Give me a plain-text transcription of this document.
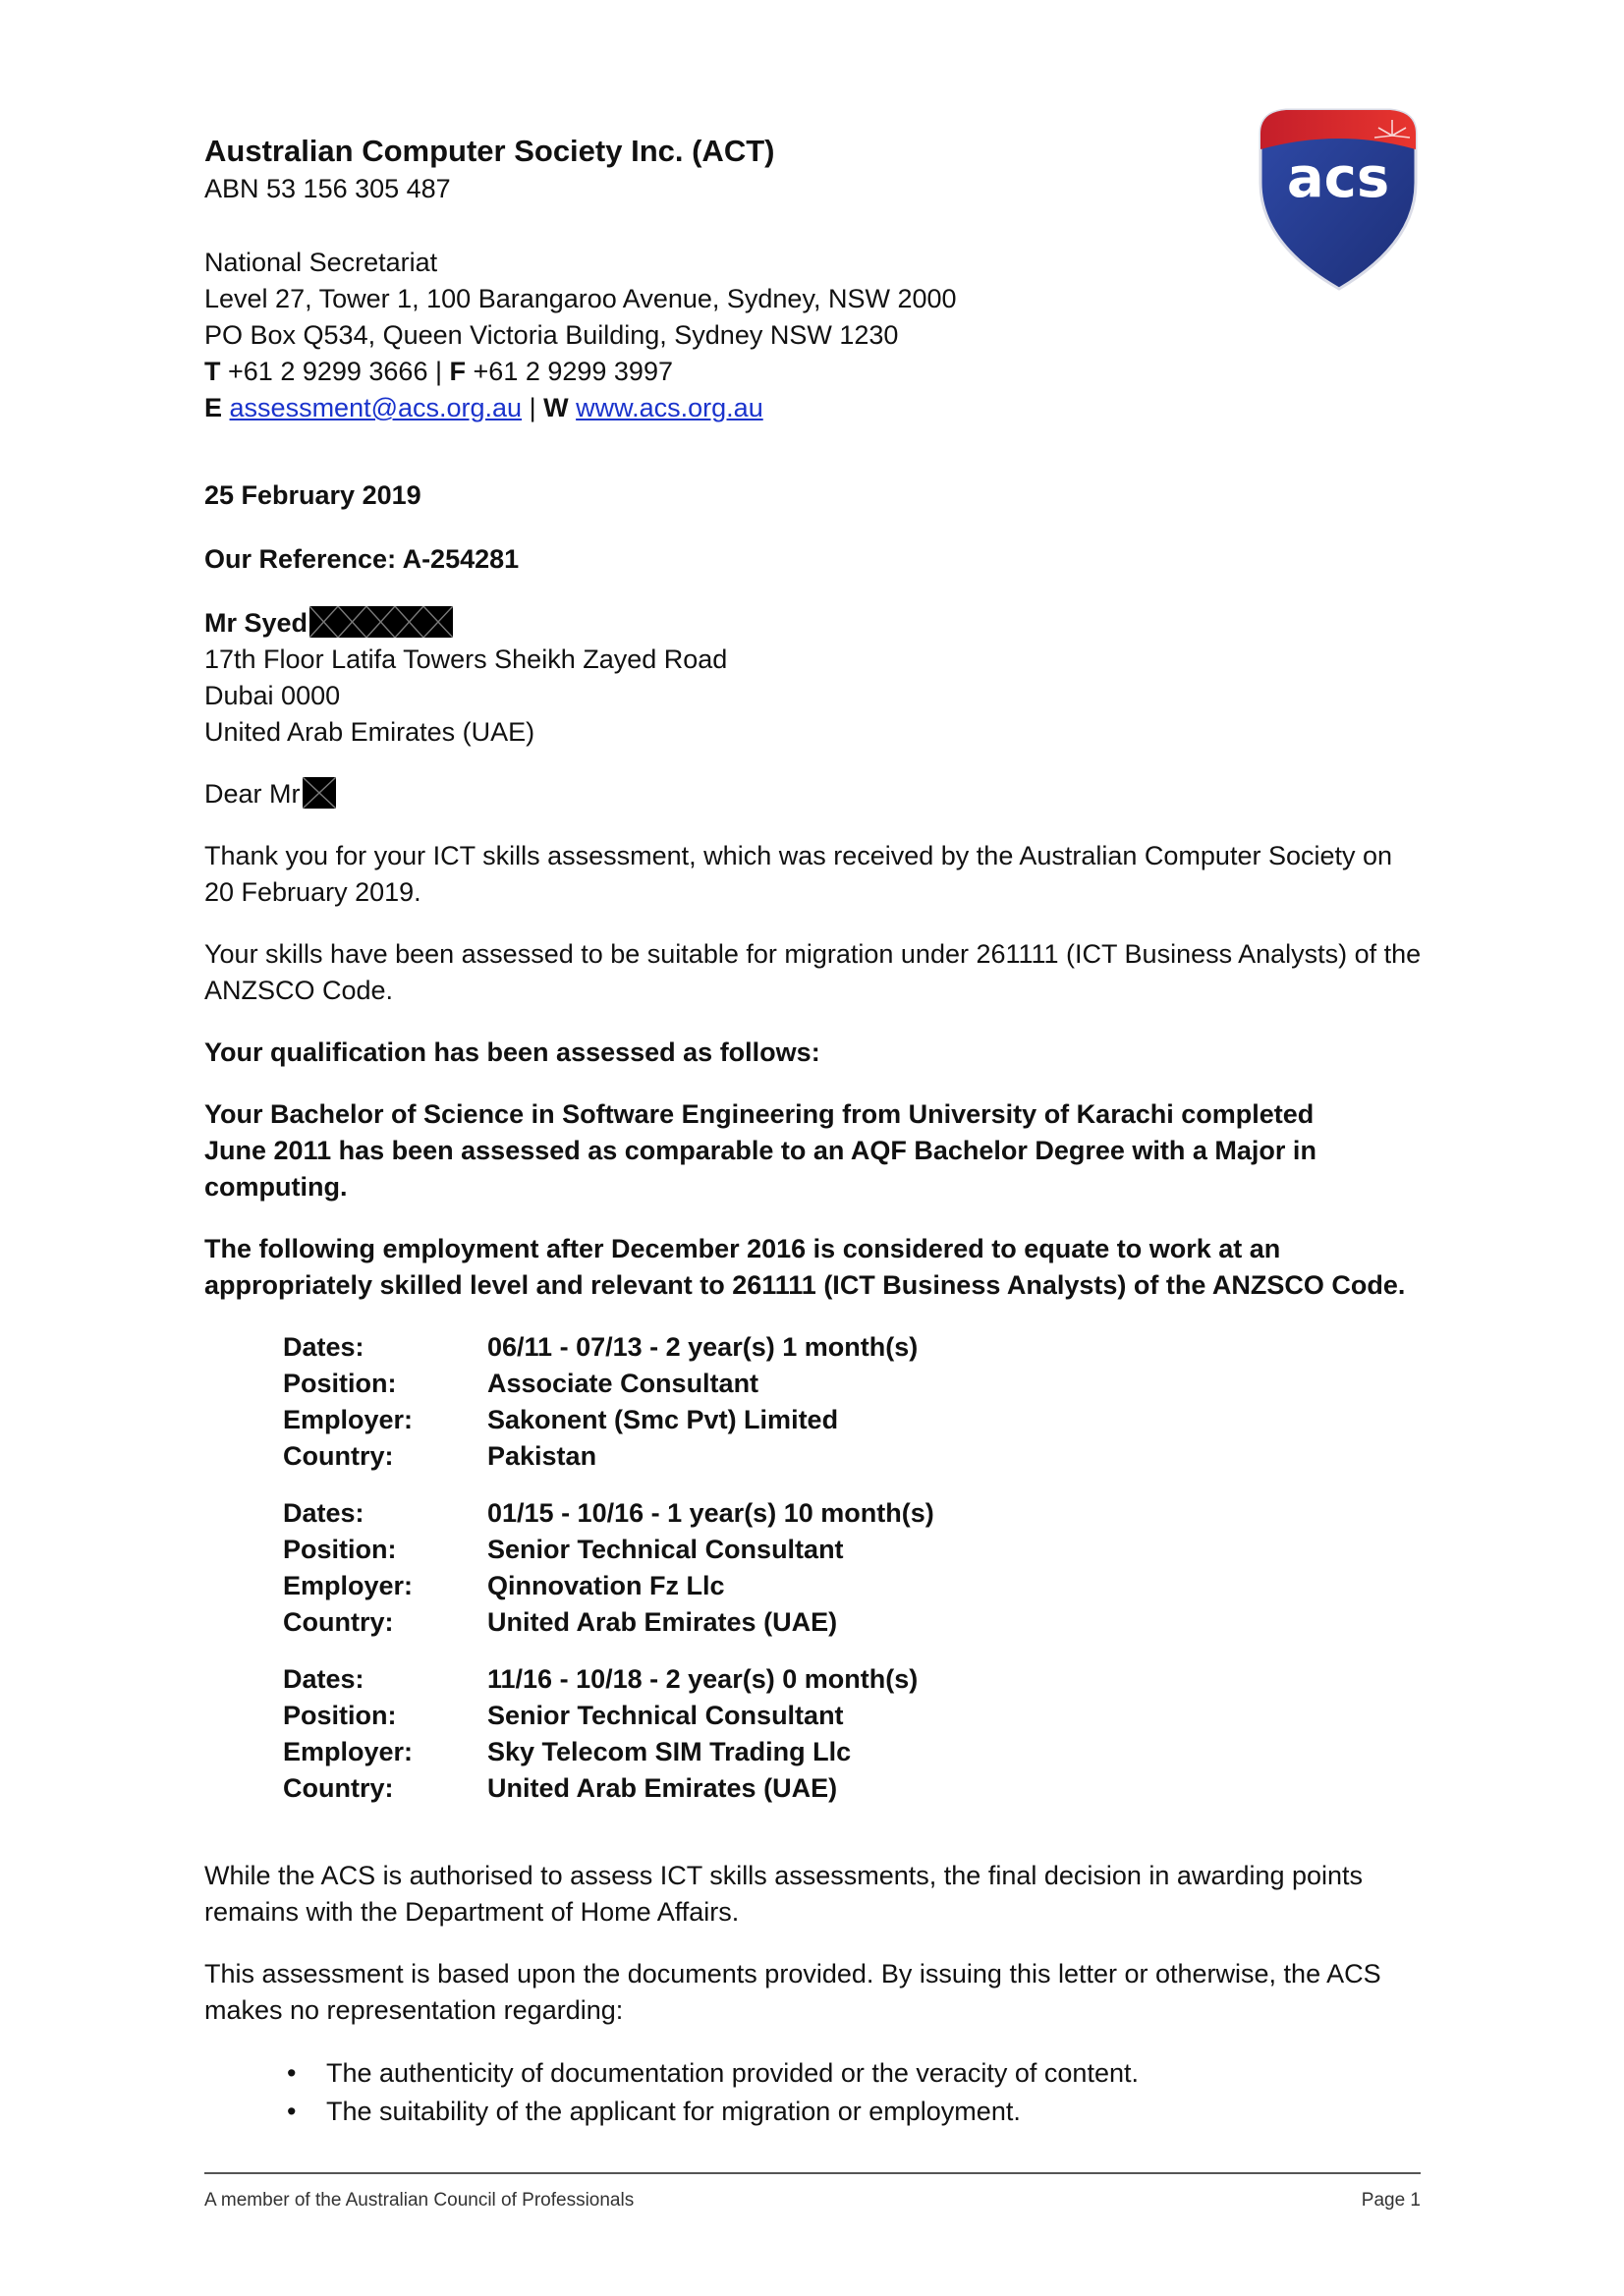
acs
Australian Computer Society Inc. (ACT)
ABN 53 156 305 487
National Secretariat
Level 27, Tower 1, 100 Barangaroo Avenue, Sydney, NSW 2000
PO Box Q534, Queen Victoria Building, Sydney NSW 1230
T +61 2 9299 3666 | F +61 2 9299 3997
E assessment@acs.org.au | W www.acs.org.au
25 February 2019
Our Reference: A-254281
Mr Syed
17th Floor Latifa Towers Sheikh Zayed Road
Dubai 0000
United Arab Emirates (UAE)
Dear Mr

Thank you for your ICT skills assessment, which was received by the Australian Computer Society on 20 February 2019.

Your skills have been assessed to be suitable for migration under 261111 (ICT Business Analysts) of the ANZSCO Code.

Your qualification has been assessed as follows:

Your Bachelor of Science in Software Engineering from University of Karachi completed June 2011 has been assessed as comparable to an AQF Bachelor Degree with a Major in computing.

The following employment after December 2016 is considered to equate to work at an appropriately skilled level and relevant to 261111 (ICT Business Analysts) of the ANZSCO Code.

Dates:	06/11 - 07/13 - 2 year(s) 1 month(s)
Position:	Associate Consultant
Employer:	Sakonent (Smc Pvt) Limited
Country:	Pakistan

Dates:	01/15 - 10/16 - 1 year(s) 10 month(s)
Position:	Senior Technical Consultant
Employer:	Qinnovation Fz Llc
Country:	United Arab Emirates (UAE)

Dates:	11/16 - 10/18 - 2 year(s) 0 month(s)
Position:	Senior Technical Consultant
Employer:	Sky Telecom SIM Trading Llc
Country:	United Arab Emirates (UAE)

While the ACS is authorised to assess ICT skills assessments, the final decision in awarding points remains with the Department of Home Affairs.

This assessment is based upon the documents provided. By issuing this letter or otherwise, the ACS makes no representation regarding:

• The authenticity of documentation provided or the veracity of content.
• The suitability of the applicant for migration or employment.
A member of the Australian Council of Professionals	Page 1
